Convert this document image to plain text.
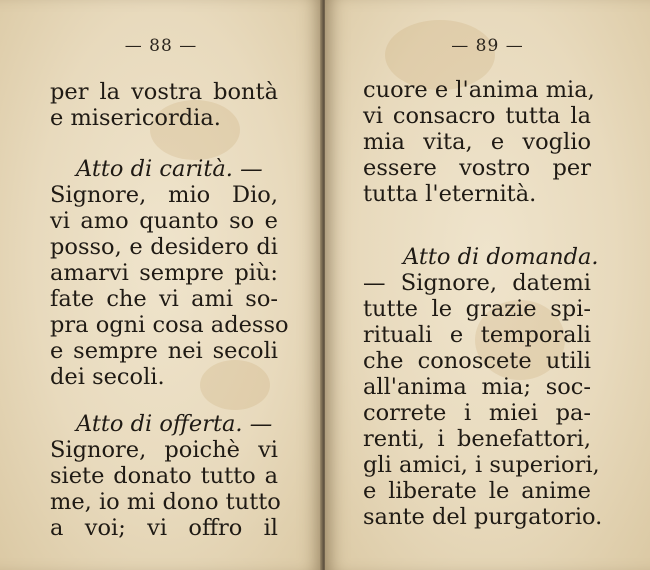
— 88 —
per la vostra bontà
e misericordia.
Atto di carità. —
Signore, mio Dio,
vi amo quanto so e
posso, e desidero di
amarvi sempre più:
fate che vi ami so-
pra ogni cosa adesso
e sempre nei secoli
dei secoli.
Atto di offerta. —
Signore, poichè vi
siete donato tutto a
me, io mi dono tutto
a voi; vi offro il
— 89 —
cuore e l'anima mia,
vi consacro tutta la
mia vita, e voglio
essere vostro per
tutta l'eternità.
Atto di domanda.
— Signore, datemi
tutte le grazie spi-
rituali e temporali
che conoscete utili
all'anima mia; soc-
correte i miei pa-
renti, i benefattori,
gli amici, i superiori,
e liberate le anime
sante del purgatorio.
